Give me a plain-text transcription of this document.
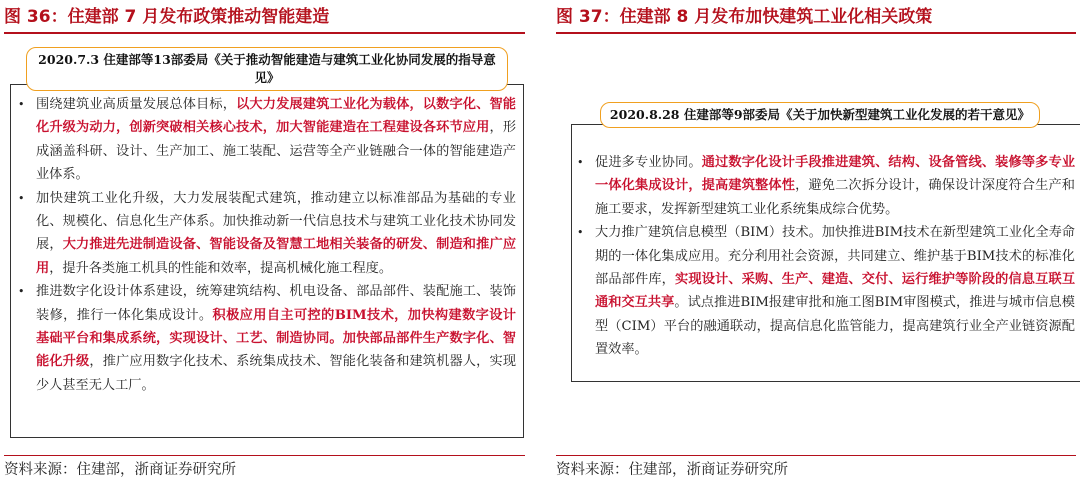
图 36：住建部 7 月发布政策推动智能建造
2020.7.3 住建部等13部委局《关于推动智能建造与建筑工业化协同发展的指导意见》
• 围绕建筑业高质量发展总体目标，以大力发展建筑工业化为载体，以数字化、智能化升级为动力，创新突破相关核心技术，加大智能建造在工程建设各环节应用，形成涵盖科研、设计、生产加工、施工装配、运营等全产业链融合一体的智能建造产业体系。
• 加快建筑工业化升级，大力发展装配式建筑，推动建立以标准部品为基础的专业化、规模化、信息化生产体系。加快推动新一代信息技术与建筑工业化技术协同发展，大力推进先进制造设备、智能设备及智慧工地相关装备的研发、制造和推广应用，提升各类施工机具的性能和效率，提高机械化施工程度。
• 推进数字化设计体系建设，统筹建筑结构、机电设备、部品部件、装配施工、装饰装修，推行一体化集成设计。积极应用自主可控的BIM技术，加快构建数字设计基础平台和集成系统，实现设计、工艺、制造协同。加快部品部件生产数字化、智能化升级，推广应用数字化技术、系统集成技术、智能化装备和建筑机器人，实现少人甚至无人工厂。
资料来源：住建部，浙商证券研究所
图 37：住建部 8 月发布加快建筑工业化相关政策
2020.8.28 住建部等9部委局《关于加快新型建筑工业化发展的若干意见》
• 促进多专业协同。通过数字化设计手段推进建筑、结构、设备管线、装修等多专业一体化集成设计，提高建筑整体性，避免二次拆分设计，确保设计深度符合生产和施工要求，发挥新型建筑工业化系统集成综合优势。
• 大力推广建筑信息模型（BIM）技术。加快推进BIM技术在新型建筑工业化全寿命期的一体化集成应用。充分利用社会资源，共同建立、维护基于BIM技术的标准化部品部件库，实现设计、采购、生产、建造、交付、运行维护等阶段的信息互联互通和交互共享。试点推进BIM报建审批和施工图BIM审图模式，推进与城市信息模型（CIM）平台的融通联动，提高信息化监管能力，提高建筑行业全产业链资源配置效率。
资料来源：住建部，浙商证券研究所
